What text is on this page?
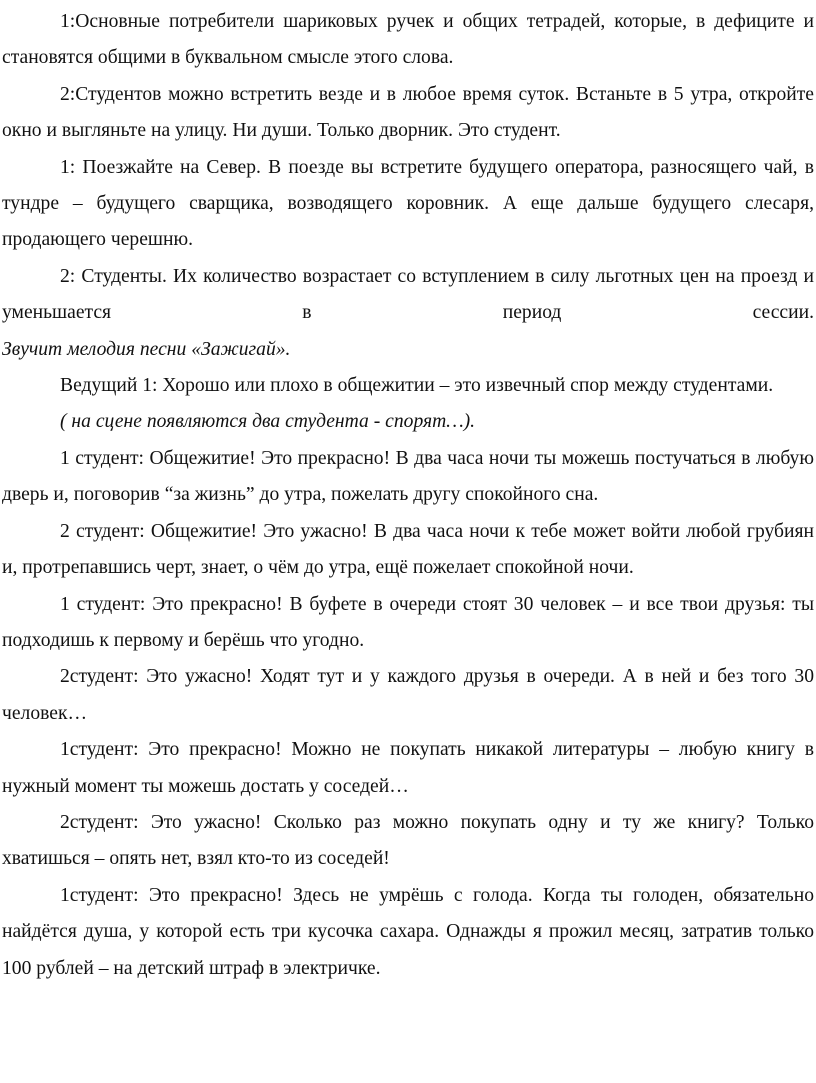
1:Основные потребители шариковых ручек и общих тетрадей, которые, в дефиците и становятся общими в буквальном смысле этого слова.

2:Студентов можно встретить везде и в любое время суток. Встаньте в 5 утра, откройте окно и выгляньте на улицу. Ни души. Только дворник. Это студент.

1: Поезжайте на Север. В поезде вы встретите будущего оператора, разносящего чай, в тундре – будущего сварщика, возводящего коровник. А еще дальше будущего слесаря, продающего черешню.

2: Студенты. Их количество возрастает со вступлением в силу льготных цен на проезд и уменьшается в период сессии.

Звучит мелодия песни «Зажигай».

Ведущий 1: Хорошо или плохо в общежитии – это извечный спор между студентами.

( на сцене появляются два студента - спорят…).

1 студент: Общежитие! Это прекрасно! В два часа ночи ты можешь постучаться в любую дверь и, поговорив “за жизнь” до утра, пожелать другу спокойного сна.

2 студент: Общежитие! Это ужасно! В два часа ночи к тебе может войти любой грубиян и, протрепавшись черт, знает, о чём до утра, ещё пожелает спокойной ночи.

1 студент: Это прекрасно! В буфете в очереди стоят 30 человек – и все твои друзья: ты подходишь к первому и берёшь что угодно.

2студент: Это ужасно! Ходят тут и у каждого друзья в очереди. А в ней и без того 30 человек…

1студент: Это прекрасно! Можно не покупать никакой литературы – любую книгу в нужный момент ты можешь достать у соседей…

2студент: Это ужасно! Сколько раз можно покупать одну и ту же книгу? Только хватишься – опять нет, взял кто-то из соседей!

1студент: Это прекрасно! Здесь не умрёшь с голода. Когда ты голоден, обязательно найдётся душа, у которой есть три кусочка сахара. Однажды я прожил месяц, затратив только 100 рублей – на детский штраф в электричке.
